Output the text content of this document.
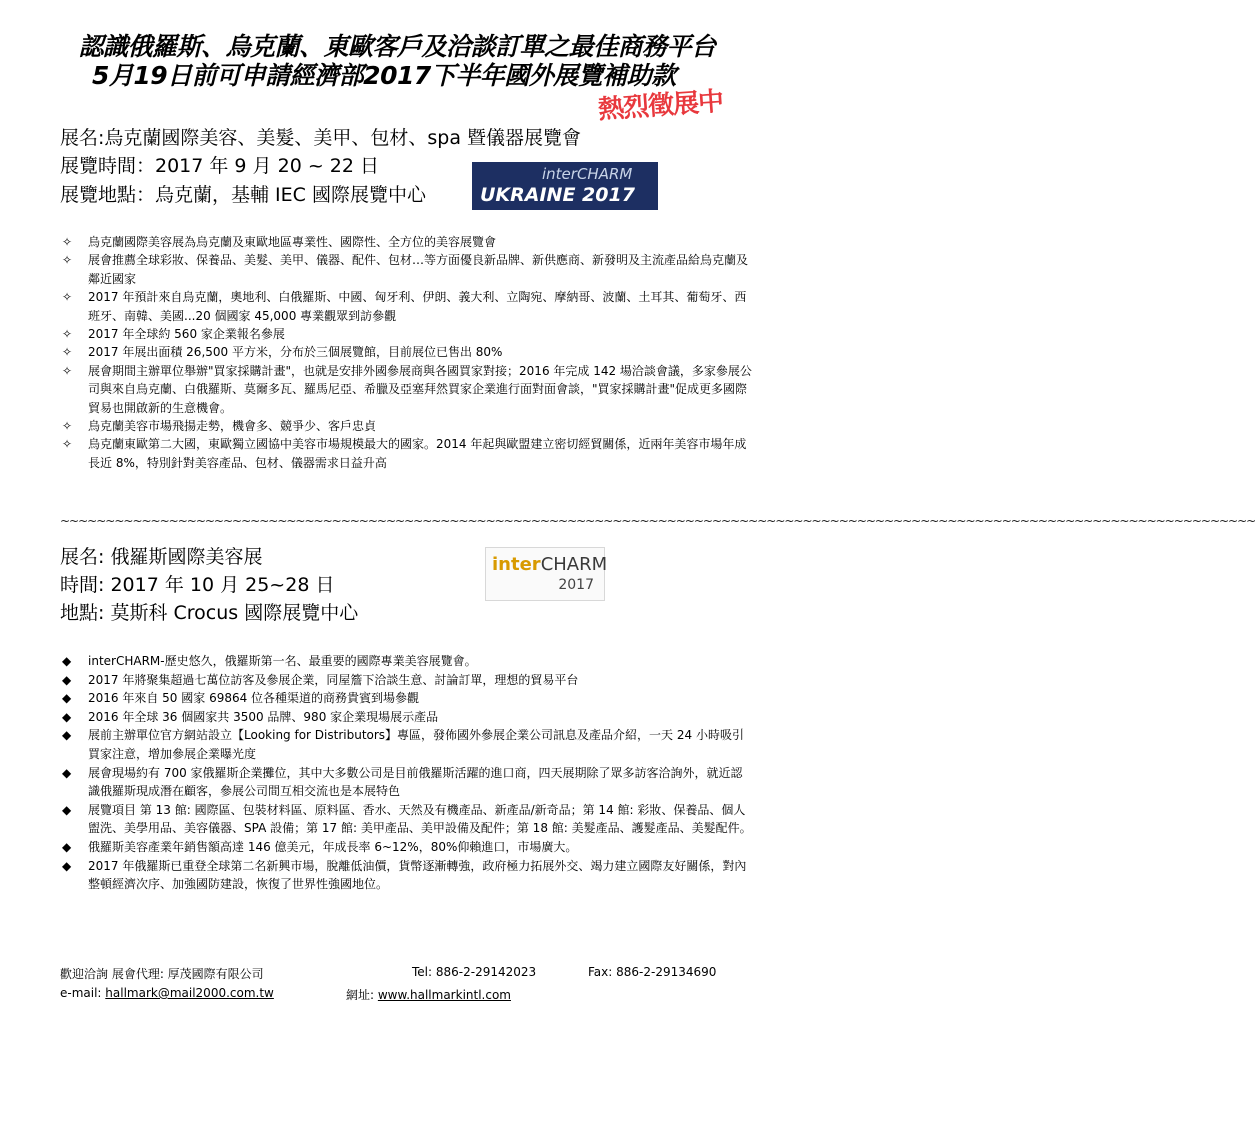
認識俄羅斯、烏克蘭、東歐客戶及洽談訂單之最佳商務平台
5月19日前可申請經濟部2017下半年國外展覽補助款
熱烈徵展中
展名:烏克蘭國際美容、美髮、美甲、包材、spa 暨儀器展覽會
展覽時間：2017 年 9 月 20 ~ 22 日
展覽地點：烏克蘭，基輔 IEC 國際展覽中心
interCHARM
UKRAINE 2017
✧ 烏克蘭國際美容展為烏克蘭及東歐地區專業性、國際性、全方位的美容展覽會
✧ 展會推薦全球彩妝、保養品、美髮、美甲、儀器、配件、包材…等方面優良新品牌、新供應商、新發明及主流產品給烏克蘭及鄰近國家
✧ 2017 年預計來自烏克蘭，奧地利、白俄羅斯、中國、匈牙利、伊朗、義大利、立陶宛、摩納哥、波蘭、土耳其、葡萄牙、西班牙、南韓、美國...20 個國家 45,000 專業觀眾到訪參觀
✧ 2017 年全球約 560 家企業報名參展
✧ 2017 年展出面積 26,500 平方米，分布於三個展覽館，目前展位已售出 80%
✧ 展會期間主辦單位舉辦"買家採購計畫"，也就是安排外國參展商與各國買家對接；2016 年完成 142 場洽談會議，多家參展公司與來自烏克蘭、白俄羅斯、莫爾多瓦、羅馬尼亞、希臘及亞塞拜然買家企業進行面對面會談，"買家採購計畫"促成更多國際貿易也開啟新的生意機會。
✧ 烏克蘭美容市場飛揚走勢，機會多、競爭少、客戶忠貞
✧ 烏克蘭東歐第二大國，東歐獨立國協中美容市場規模最大的國家。2014 年起與歐盟建立密切經貿關係，近兩年美容市場年成長近 8%，特別針對美容產品、包材、儀器需求日益升高
~~~~~~~~~~~~~~~~~~~~~~~~~~~~~~~~~~~~~~~~~~~~~~~~~~~~~~~~~~~~~~~~~~~~~~~~~~~~~~~~~~~~~~~~~~~~~~~~~~~~~~~~~~~~~~~~~~~~~~~~~~~~~~~~~~~~
展名: 俄羅斯國際美容展
時間: 2017 年 10 月 25~28 日
地點: 莫斯科 Crocus 國際展覽中心
interCHARM
2017
◆ interCHARM-歷史悠久，俄羅斯第一名、最重要的國際專業美容展覽會。
◆ 2017 年將聚集超過七萬位訪客及參展企業，同屋簷下洽談生意、討論訂單，理想的貿易平台
◆ 2016 年來自 50 國家 69864 位各種渠道的商務貴賓到場參觀
◆ 2016 年全球 36 個國家共 3500 品牌、980 家企業現場展示產品
◆ 展前主辦單位官方網站設立【Looking for Distributors】專區，發佈國外參展企業公司訊息及產品介紹，一天 24 小時吸引買家注意，增加參展企業曝光度
◆ 展會現場約有 700 家俄羅斯企業攤位，其中大多數公司是目前俄羅斯活躍的進口商，四天展期除了眾多訪客洽詢外，就近認識俄羅斯現成潛在顧客，參展公司間互相交流也是本展特色
◆ 展覽項目 第 13 館: 國際區、包裝材料區、原料區、香水、天然及有機產品、新產品/新奇品；第 14 館: 彩妝、保養品、個人盥洗、美學用品、美容儀器、SPA 設備；第 17 館: 美甲產品、美甲設備及配件；第 18 館: 美髮產品、護髮產品、美髮配件。
◆ 俄羅斯美容產業年銷售額高達 146 億美元，年成長率 6~12%，80%仰賴進口，市場廣大。
◆ 2017 年俄羅斯已重登全球第二名新興市場，脫離低油價，貨幣逐漸轉強，政府極力拓展外交、竭力建立國際友好關係，對內整頓經濟次序、加強國防建設，恢復了世界性強國地位。
歡迎洽詢 展會代理: 厚茂國際有限公司	Tel: 886-2-29142023	Fax: 886-2-29134690
e-mail: hallmark@mail2000.com.tw	網址: www.hallmarkintl.com
